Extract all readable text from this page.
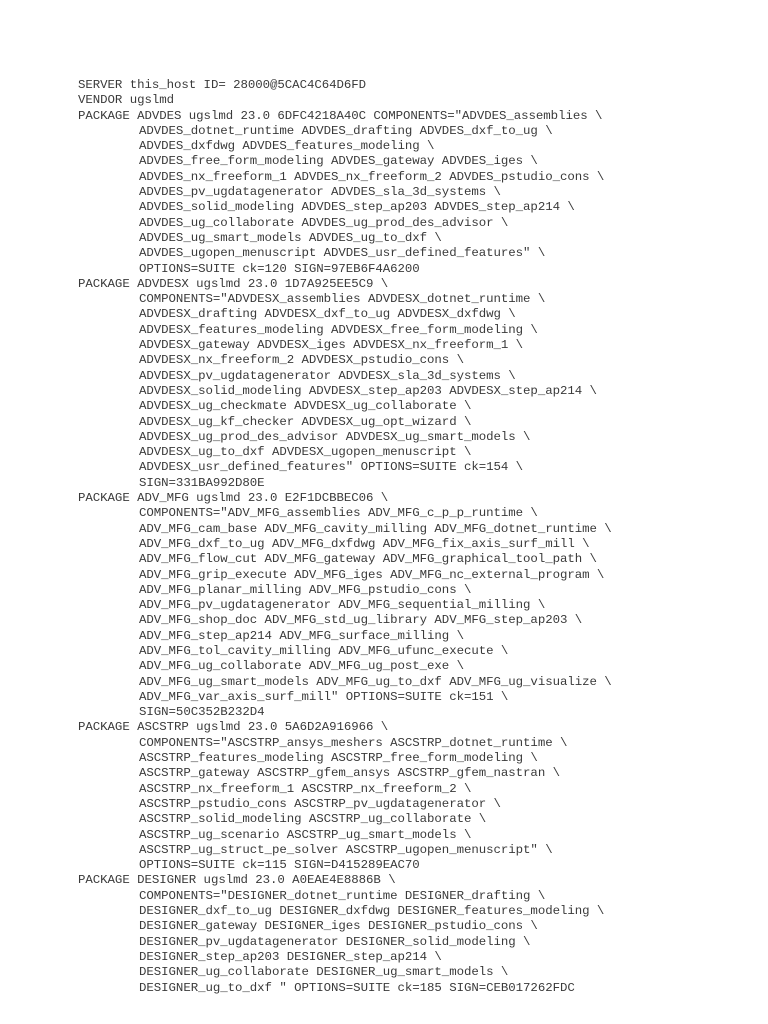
SERVER this_host ID= 28000@5CAC4C64D6FD
VENDOR ugslmd
PACKAGE ADVDES ugslmd 23.0 6DFC4218A40C COMPONENTS="ADVDES_assemblies \
ADVDES_dotnet_runtime ADVDES_drafting ADVDES_dxf_to_ug \
ADVDES_dxfdwg ADVDES_features_modeling \
ADVDES_free_form_modeling ADVDES_gateway ADVDES_iges \
ADVDES_nx_freeform_1 ADVDES_nx_freeform_2 ADVDES_pstudio_cons \
ADVDES_pv_ugdatagenerator ADVDES_sla_3d_systems \
ADVDES_solid_modeling ADVDES_step_ap203 ADVDES_step_ap214 \
ADVDES_ug_collaborate ADVDES_ug_prod_des_advisor \
ADVDES_ug_smart_models ADVDES_ug_to_dxf \
ADVDES_ugopen_menuscript ADVDES_usr_defined_features" \
OPTIONS=SUITE ck=120 SIGN=97EB6F4A6200
PACKAGE ADVDESX ugslmd 23.0 1D7A925EE5C9 \
COMPONENTS="ADVDESX_assemblies ADVDESX_dotnet_runtime \
ADVDESX_drafting ADVDESX_dxf_to_ug ADVDESX_dxfdwg \
ADVDESX_features_modeling ADVDESX_free_form_modeling \
ADVDESX_gateway ADVDESX_iges ADVDESX_nx_freeform_1 \
ADVDESX_nx_freeform_2 ADVDESX_pstudio_cons \
ADVDESX_pv_ugdatagenerator ADVDESX_sla_3d_systems \
ADVDESX_solid_modeling ADVDESX_step_ap203 ADVDESX_step_ap214 \
ADVDESX_ug_checkmate ADVDESX_ug_collaborate \
ADVDESX_ug_kf_checker ADVDESX_ug_opt_wizard \
ADVDESX_ug_prod_des_advisor ADVDESX_ug_smart_models \
ADVDESX_ug_to_dxf ADVDESX_ugopen_menuscript \
ADVDESX_usr_defined_features" OPTIONS=SUITE ck=154 \
SIGN=331BA992D80E
PACKAGE ADV_MFG ugslmd 23.0 E2F1DCBBEC06 \
COMPONENTS="ADV_MFG_assemblies ADV_MFG_c_p_p_runtime \
ADV_MFG_cam_base ADV_MFG_cavity_milling ADV_MFG_dotnet_runtime \
ADV_MFG_dxf_to_ug ADV_MFG_dxfdwg ADV_MFG_fix_axis_surf_mill \
ADV_MFG_flow_cut ADV_MFG_gateway ADV_MFG_graphical_tool_path \
ADV_MFG_grip_execute ADV_MFG_iges ADV_MFG_nc_external_program \
ADV_MFG_planar_milling ADV_MFG_pstudio_cons \
ADV_MFG_pv_ugdatagenerator ADV_MFG_sequential_milling \
ADV_MFG_shop_doc ADV_MFG_std_ug_library ADV_MFG_step_ap203 \
ADV_MFG_step_ap214 ADV_MFG_surface_milling \
ADV_MFG_tol_cavity_milling ADV_MFG_ufunc_execute \
ADV_MFG_ug_collaborate ADV_MFG_ug_post_exe \
ADV_MFG_ug_smart_models ADV_MFG_ug_to_dxf ADV_MFG_ug_visualize \
ADV_MFG_var_axis_surf_mill" OPTIONS=SUITE ck=151 \
SIGN=50C352B232D4
PACKAGE ASCSTRP ugslmd 23.0 5A6D2A916966 \
COMPONENTS="ASCSTRP_ansys_meshers ASCSTRP_dotnet_runtime \
ASCSTRP_features_modeling ASCSTRP_free_form_modeling \
ASCSTRP_gateway ASCSTRP_gfem_ansys ASCSTRP_gfem_nastran \
ASCSTRP_nx_freeform_1 ASCSTRP_nx_freeform_2 \
ASCSTRP_pstudio_cons ASCSTRP_pv_ugdatagenerator \
ASCSTRP_solid_modeling ASCSTRP_ug_collaborate \
ASCSTRP_ug_scenario ASCSTRP_ug_smart_models \
ASCSTRP_ug_struct_pe_solver ASCSTRP_ugopen_menuscript" \
OPTIONS=SUITE ck=115 SIGN=D415289EAC70
PACKAGE DESIGNER ugslmd 23.0 A0EAE4E8886B \
COMPONENTS="DESIGNER_dotnet_runtime DESIGNER_drafting \
DESIGNER_dxf_to_ug DESIGNER_dxfdwg DESIGNER_features_modeling \
DESIGNER_gateway DESIGNER_iges DESIGNER_pstudio_cons \
DESIGNER_pv_ugdatagenerator DESIGNER_solid_modeling \
DESIGNER_step_ap203 DESIGNER_step_ap214 \
DESIGNER_ug_collaborate DESIGNER_ug_smart_models \
DESIGNER_ug_to_dxf " OPTIONS=SUITE ck=185 SIGN=CEB017262FDC
